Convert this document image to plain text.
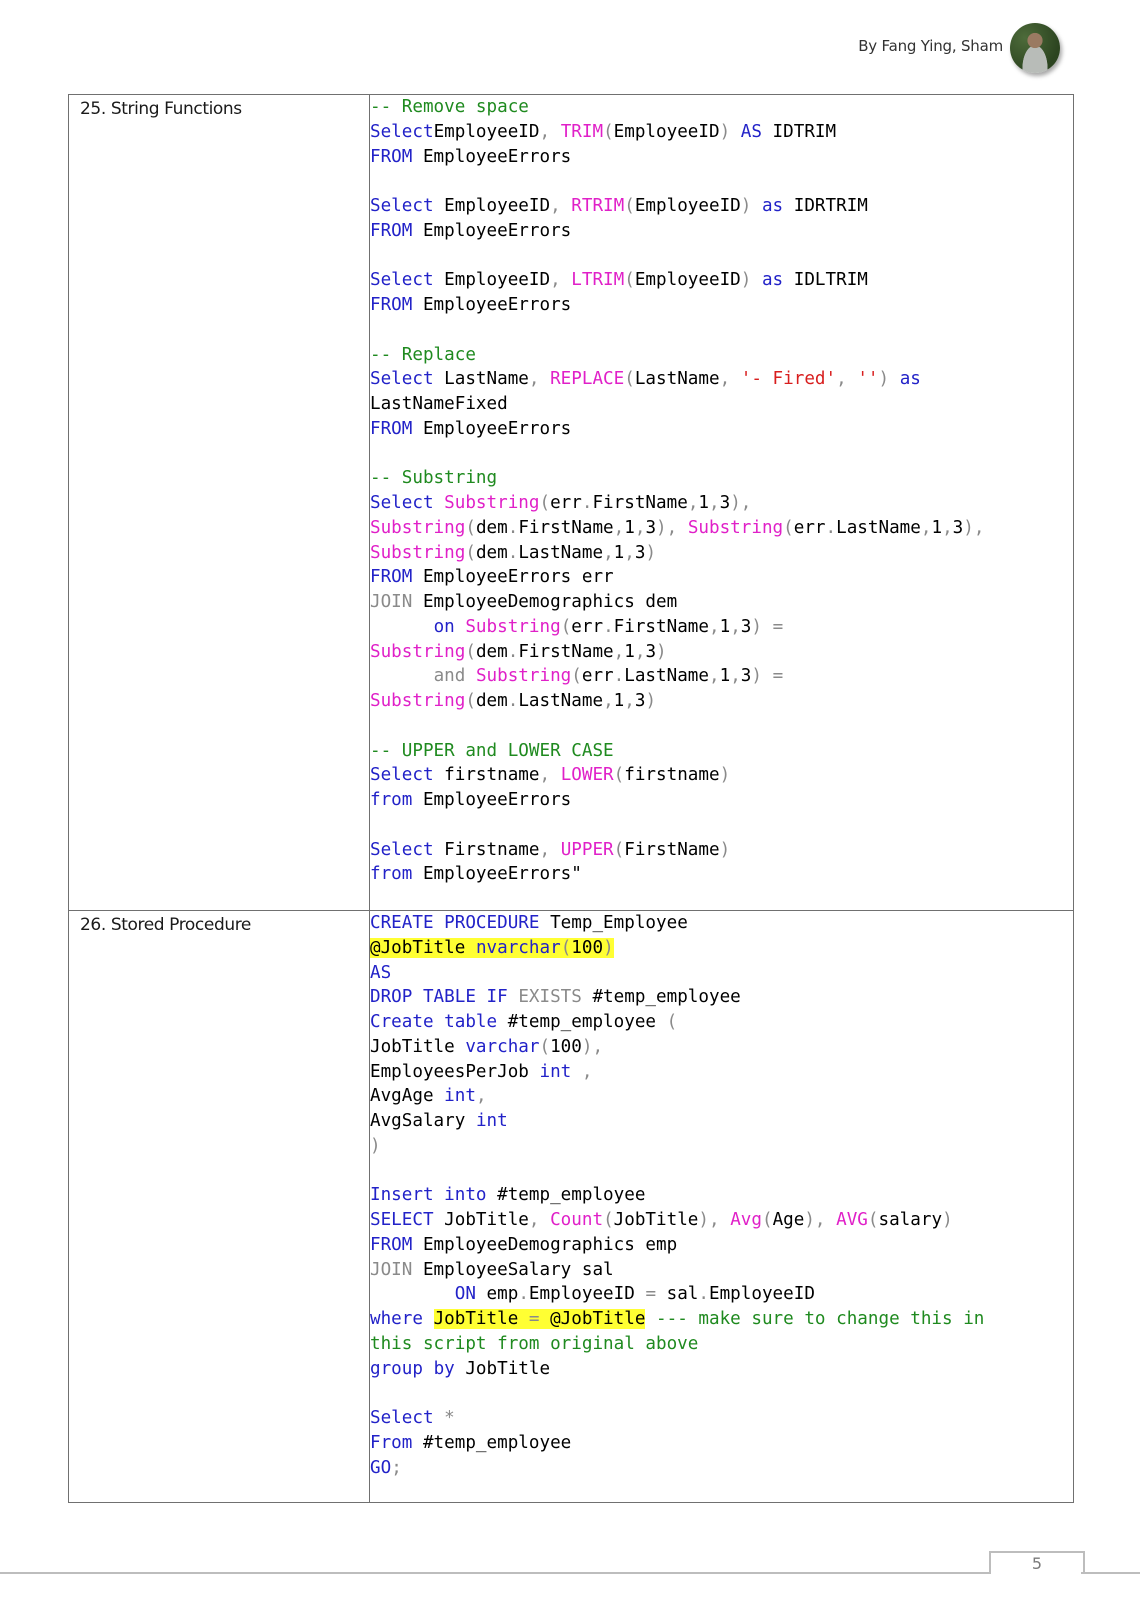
By Fang Ying, Sham
25. String Functions	-- Remove space
SelectEmployeeID, TRIM(EmployeeID) AS IDTRIM
FROM EmployeeErrors

Select EmployeeID, RTRIM(EmployeeID) as IDRTRIM
FROM EmployeeErrors

Select EmployeeID, LTRIM(EmployeeID) as IDLTRIM
FROM EmployeeErrors

-- Replace
Select LastName, REPLACE(LastName, '- Fired', '') as
LastNameFixed
FROM EmployeeErrors

-- Substring
Select Substring(err.FirstName,1,3),
Substring(dem.FirstName,1,3), Substring(err.LastName,1,3),
Substring(dem.LastName,1,3)
FROM EmployeeErrors err
JOIN EmployeeDemographics dem
on Substring(err.FirstName,1,3) =
Substring(dem.FirstName,1,3)
and Substring(err.LastName,1,3) =
Substring(dem.LastName,1,3)

-- UPPER and LOWER CASE
Select firstname, LOWER(firstname)
from EmployeeErrors

Select Firstname, UPPER(FirstName)
from EmployeeErrors"

26. Stored Procedure	CREATE PROCEDURE Temp_Employee
@JobTitle nvarchar(100)
AS
DROP TABLE IF EXISTS #temp_employee
Create table #temp_employee (
JobTitle varchar(100),
EmployeesPerJob int ,
AvgAge int,
AvgSalary int
)

Insert into #temp_employee
SELECT JobTitle, Count(JobTitle), Avg(Age), AVG(salary)
FROM EmployeeDemographics emp
JOIN EmployeeSalary sal
ON emp.EmployeeID = sal.EmployeeID
where JobTitle = @JobTitle --- make sure to change this in
this script from original above
group by JobTitle

Select *
From #temp_employee
GO;
5
